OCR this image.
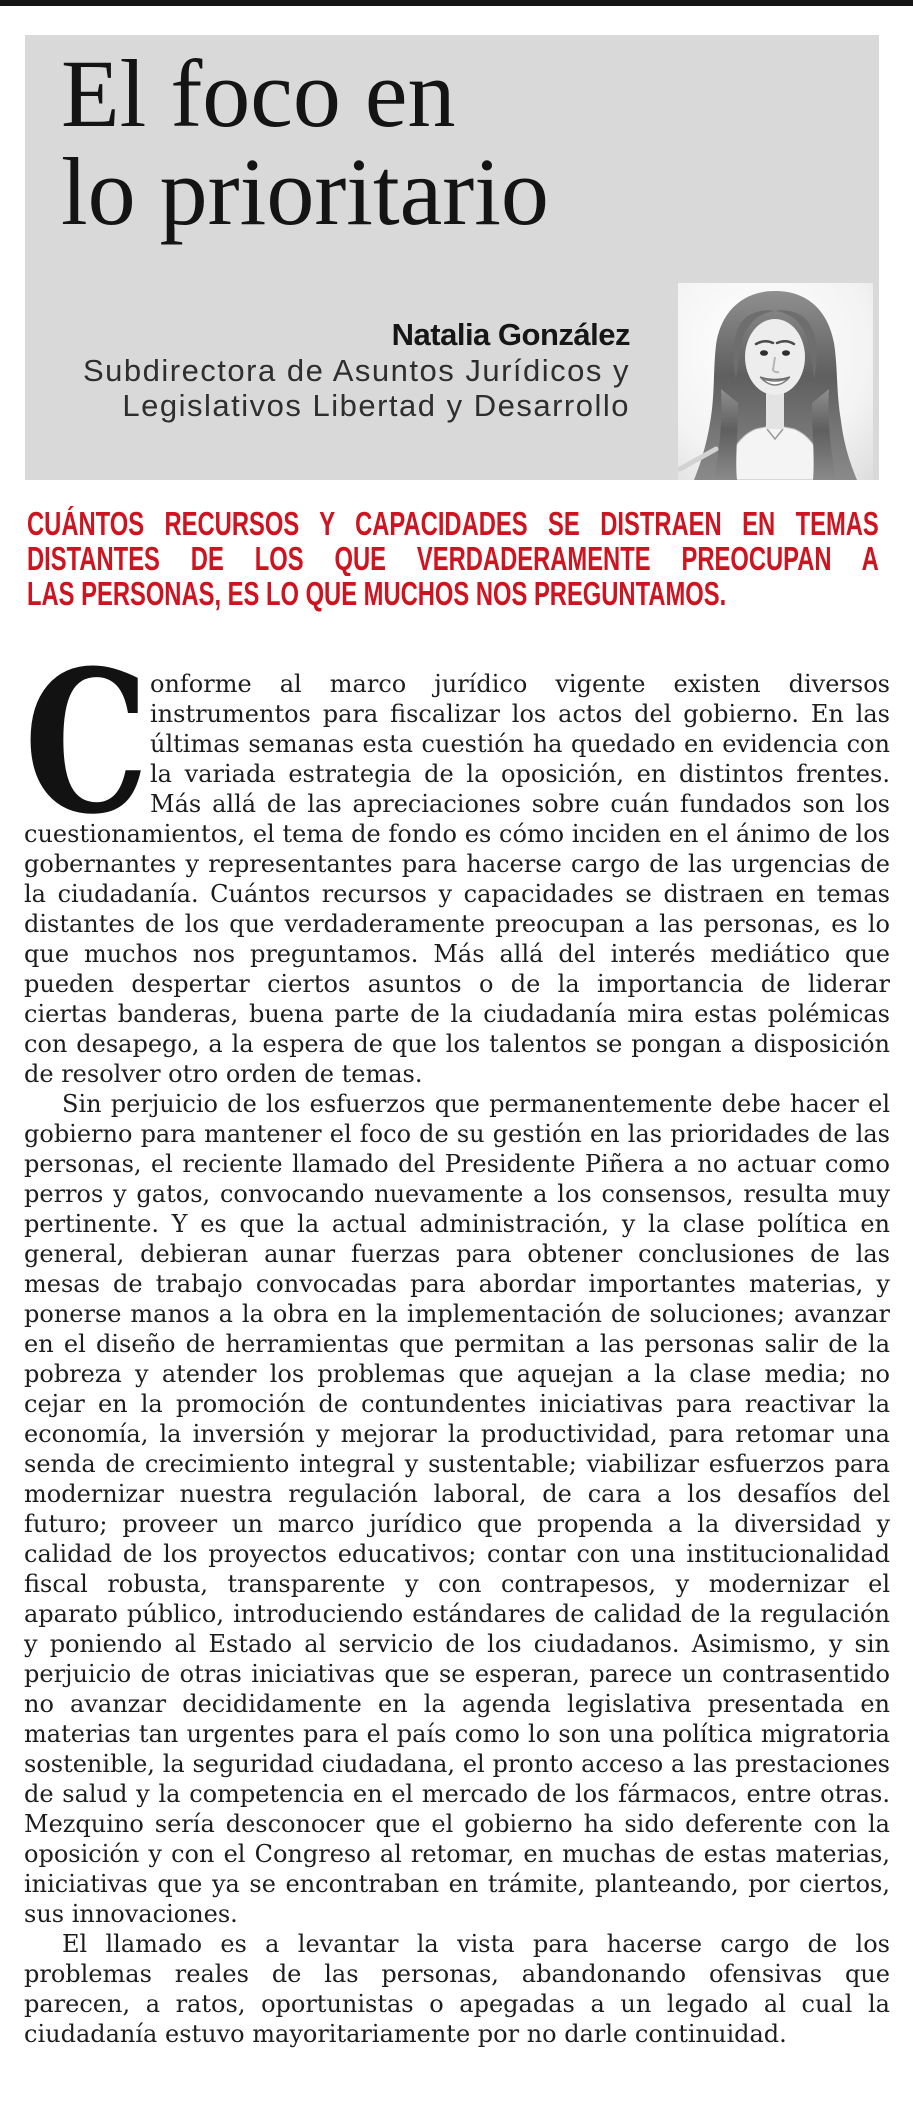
El foco en
lo prioritario
Natalia González
Subdirectora de Asuntos Jurídicos y
Legislativos Libertad y Desarrollo
CUÁNTOS RECURSOS Y CAPACIDADES SE DISTRAEN EN TEMAS
DISTANTES DE LOS QUE VERDADERAMENTE PREOCUPAN A
LAS PERSONAS, ES LO QUE MUCHOS NOS PREGUNTAMOS.

C onforme al marco jurídico vigente existen diversos instrumentos para fiscalizar los actos del gobierno. En las últimas semanas esta cuestión ha quedado en evidencia con la variada estrategia de la oposición, en distintos frentes. Más allá de las apreciaciones sobre cuán fundados son los cuestionamientos, el tema de fondo es cómo inciden en el ánimo de los gobernantes y representantes para hacerse cargo de las urgencias de la ciudadanía. Cuántos recursos y capacidades se distraen en temas distantes de los que verdaderamente preocupan a las personas, es lo que muchos nos preguntamos. Más allá del interés mediático que pueden despertar ciertos asuntos o de la importancia de liderar ciertas banderas, buena parte de la ciudadanía mira estas polémicas con desapego, a la espera de que los talentos se pongan a disposición de resolver otro orden de temas.

Sin perjuicio de los esfuerzos que permanentemente debe hacer el gobierno para mantener el foco de su gestión en las prioridades de las personas, el reciente llamado del Presidente Piñera a no actuar como perros y gatos, convocando nuevamente a los consensos, resulta muy pertinente. Y es que la actual administración, y la clase política en general, debieran aunar fuerzas para obtener conclusiones de las mesas de trabajo convocadas para abordar importantes materias, y ponerse manos a la obra en la implementación de soluciones; avanzar en el diseño de herramientas que permitan a las personas salir de la pobreza y atender los problemas que aquejan a la clase media; no cejar en la promoción de contundentes iniciativas para reactivar la economía, la inversión y mejorar la productividad, para retomar una senda de crecimiento integral y sustentable; viabilizar esfuerzos para modernizar nuestra regulación laboral, de cara a los desafíos del futuro; proveer un marco jurídico que propenda a la diversidad y calidad de los proyectos educativos; contar con una institucionalidad fiscal robusta, transparente y con contrapesos, y modernizar el aparato público, introduciendo estándares de calidad de la regulación y poniendo al Estado al servicio de los ciudadanos. Asimismo, y sin perjuicio de otras iniciativas que se esperan, parece un contrasentido no avanzar decididamente en la agenda legislativa presentada en materias tan urgentes para el país como lo son una política migratoria sostenible, la seguridad ciudadana, el pronto acceso a las prestaciones de salud y la competencia en el mercado de los fármacos, entre otras. Mezquino sería desconocer que el gobierno ha sido deferente con la oposición y con el Congreso al retomar, en muchas de estas materias, iniciativas que ya se encontraban en trámite, planteando, por ciertos, sus innovaciones.

El llamado es a levantar la vista para hacerse cargo de los problemas reales de las personas, abandonando ofensivas que parecen, a ratos, oportunistas o apegadas a un legado al cual la ciudadanía estuvo mayoritariamente por no darle continuidad.
